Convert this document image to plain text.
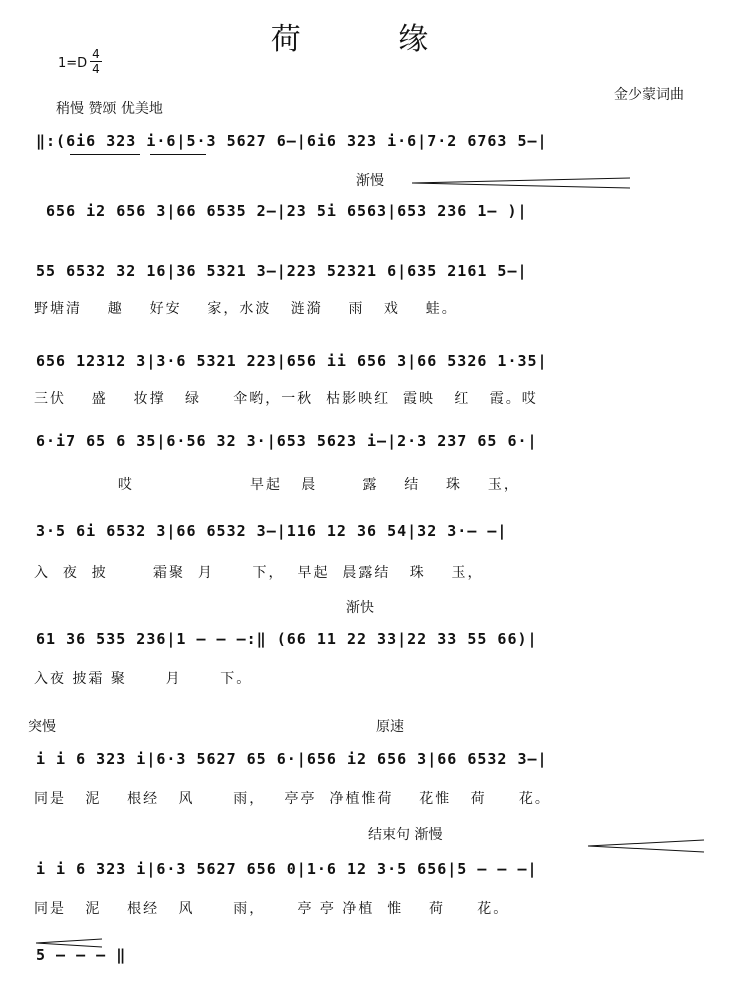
荷 缘
1=D
4
4
金少蒙词曲
稍慢 赞颂 优美地
‖:(6i6 323 i·6|5·3 5627 6–|6i6 323 i·6|7·2 6763 5–|
渐慢
656 i2 656 3|66 6535 2–|23 5i 6563|653 236 1– )|
55 6532 32 16|36 5321 3–|223 52321 6|635 2161 5–|
野塘清    趣    好安    家，水波   涟漪    雨   戏    蛙。
656 12312 3|3·6 5321 223|656 ii 656 3|66 5326 1·35|
三伏    盛    妆撑   绿     伞哟，一秋  枯影映红  霞映   红   霞。哎
6·i7 65 6 35|6·56 32 3·|653 5623 i–|2·3 237 65 6·|
哎                  早起   晨       露    结    珠    玉，
3·5 6i 6532 3|66 6532 3–|116 12 36 54|32 3·– –|
入  夜  披       霜聚  月      下，  早起  晨露结   珠    玉，
渐快
61 36 535 236|1 – – –:‖ (66 11 22 33|22 33 55 66)|
入夜 披霜 聚      月      下。
突慢	原速
i i 6 323 i|6·3 5627 65 6·|656 i2 656 3|66 6532 3–|
同是   泥    根经   风      雨，   亭亭  净植惟荷    花惟   荷     花。
结束句 渐慢
i i 6 323 i|6·3 5627 656 0|1·6 12 3·5 656|5 – – –|
同是   泥    根经   风      雨，     亭 亭 净植  惟    荷     花。
5 – – – ‖
